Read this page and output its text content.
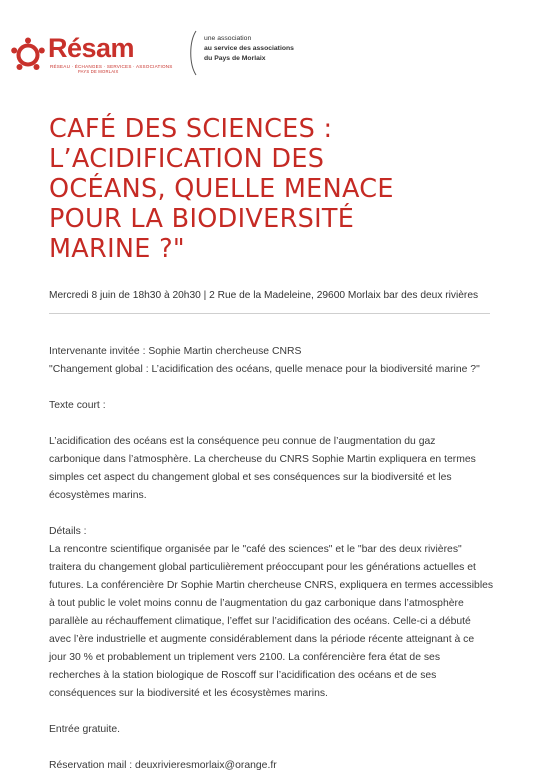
Résam
RÉSEAU · ÉCHANGES · SERVICES · ASSOCIATIONS
PAYS DE MORLAIX
une association
au service des associations
du Pays de Morlaix
CAFÉ DES SCIENCES :
L’ACIDIFICATION DES
OCÉANS, QUELLE MENACE
POUR LA BIODIVERSITÉ
MARINE ?"
Mercredi 8 juin de 18h30 à 20h30 | 2 Rue de la Madeleine, 29600 Morlaix bar des deux rivières

Intervenante invitée : Sophie Martin chercheuse CNRS

"Changement global : L’acidification des océans, quelle menace pour la biodiversité marine ?"

Texte court :

L’acidification des océans est la conséquence peu connue de l’augmentation du gaz

carbonique dans l’atmosphère. La chercheuse du CNRS Sophie Martin expliquera en termes

simples cet aspect du changement global et ses conséquences sur la biodiversité et les

écosystèmes marins.

Détails :

La rencontre scientifique organisée par le "café des sciences" et le "bar des deux rivières"

traitera du changement global particulièrement préoccupant pour les générations actuelles et

futures. La conférencière Dr Sophie Martin chercheuse CNRS, expliquera en termes accessibles

à tout public le volet moins connu de l’augmentation du gaz carbonique dans l’atmosphère

parallèle au réchauffement climatique, l’effet sur l’acidification des océans. Celle-ci a débuté

avec l’ère industrielle et augmente considérablement dans la période récente atteignant à ce

jour 30 % et probablement un triplement vers 2100. La conférencière fera état de ses

recherches à la station biologique de Roscoff sur l’acidification des océans et de ses

conséquences sur la biodiversité et les écosystèmes marins.

Entrée gratuite.

Réservation mail : deuxrivieresmorlaix@orange.fr
